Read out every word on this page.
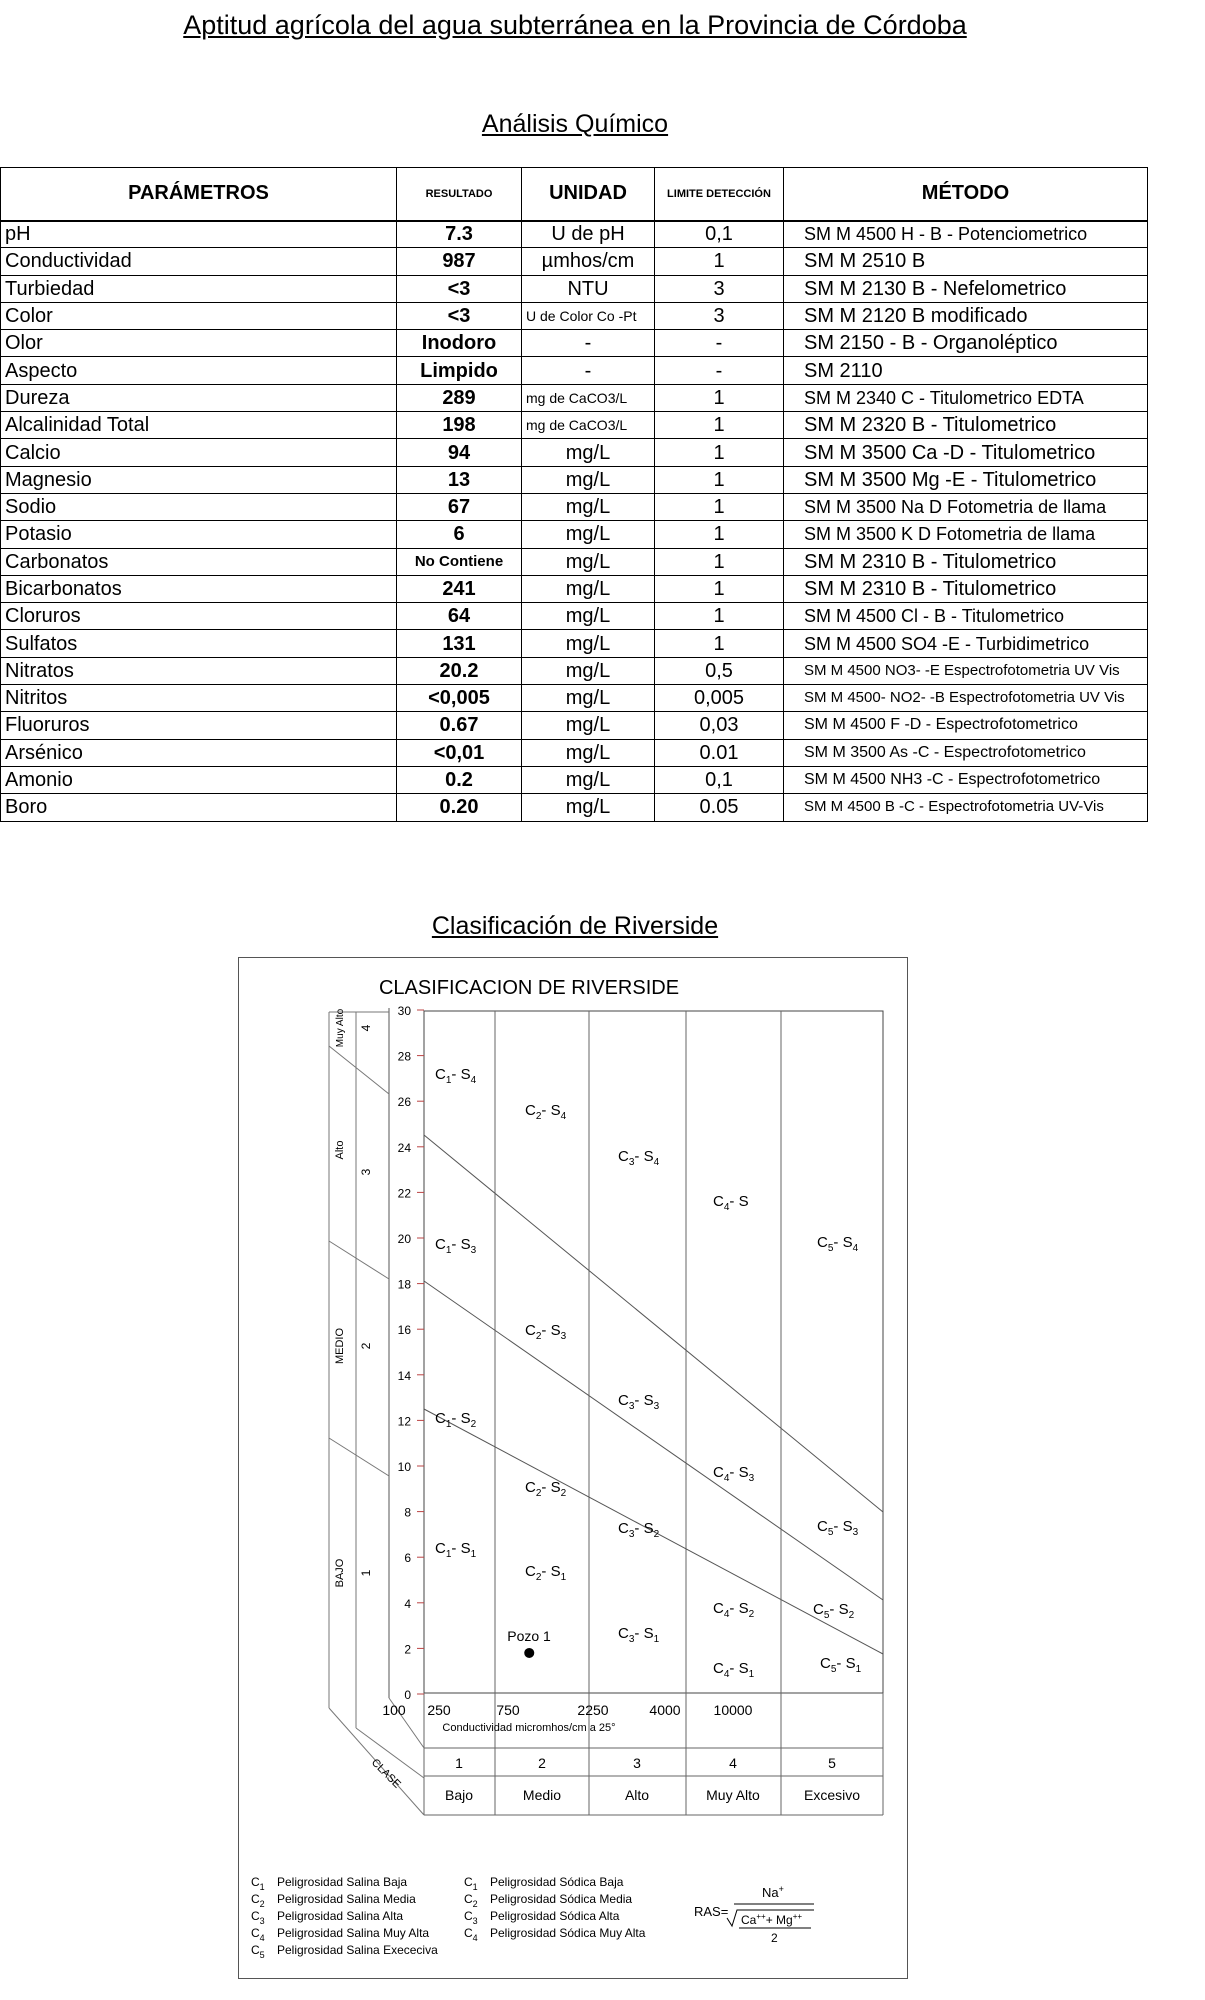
Aptitud agrícola del agua subterránea en la Provincia de Córdoba
Análisis Químico
PARÁMETROS	RESULTADO	UNIDAD	LIMITE DETECCIÓN	MÉTODO
pH	7.3	U de pH	0,1	SM M 4500 H - B - Potenciometrico
Conductividad	987	µmhos/cm	1	SM M 2510 B
Turbiedad	<3	NTU	3	SM M 2130 B - Nefelometrico
Color	<3	U de Color Co -Pt	3	SM M 2120 B modificado
Olor	Inodoro	-	-	SM 2150 - B - Organoléptico
Aspecto	Limpido	-	-	SM 2110
Dureza	289	mg de CaCO3/L	1	SM M 2340 C - Titulometrico EDTA
Alcalinidad Total	198	mg de CaCO3/L	1	SM M 2320 B - Titulometrico
Calcio	94	mg/L	1	SM M 3500 Ca -D - Titulometrico
Magnesio	13	mg/L	1	SM M 3500 Mg -E - Titulometrico
Sodio	67	mg/L	1	SM M 3500 Na D Fotometria de llama
Potasio	6	mg/L	1	SM M 3500 K D Fotometria de llama
Carbonatos	No Contiene	mg/L	1	SM M 2310 B - Titulometrico
Bicarbonatos	241	mg/L	1	SM M 2310 B - Titulometrico
Cloruros	64	mg/L	1	SM M 4500 Cl - B - Titulometrico
Sulfatos	131	mg/L	1	SM M 4500 SO4 -E - Turbidimetrico
Nitratos	20.2	mg/L	0,5	SM M 4500 NO3- -E Espectrofotometria UV Vis
Nitritos	<0,005	mg/L	0,005	SM M 4500- NO2- -B Espectrofotometria UV Vis
Fluoruros	0.67	mg/L	0,03	SM M 4500 F -D - Espectrofotometrico
Arsénico	<0,01	mg/L	0.01	SM M 3500 As -C - Espectrofotometrico
Amonio	0.2	mg/L	0,1	SM M 4500 NH3 -C - Espectrofotometrico
Boro	0.20	mg/L	0.05	SM M 4500 B -C - Espectrofotometria UV-Vis
Clasificación de Riverside
CLASIFICACION DE RIVERSIDE
0
2
4
6
8
10
12
14
16
18
20
22
24
26
28
30
BAJO 1
MEDIO 2
Alto
3
Muy Alto 4
CLASE
100 250	750	2250	4000 10000
Conductividad micromhos/cm a 25°
1	2	3	4	5
Bajo	Medio	Alto	Muy Alto	Excesivo
$C_1-$ $S_4$
$C_2-$ $S_4$
$C_3-$ $S_4$
$C_4-$ S
$C_5-$ $S_4$
$C_1-$ $S_3$
$C_2-$ $S_3$
$C_3-$ $S_3$
$C_4-$ $S_3$
$C_5-$ $S_3$
$C_1-$ $S_2$
$C_2-$ $S_2$
$C_3-$ $S_2$
$C_4-$ $S_2$	$C_5-$ $S_2$
$C_1-$ $S_1$
$C_2-$ $S_1$
$C_3-$ $S_1$
$C_4-$ $S_1$
$C_5-$ $S_1$
Pozo 1
$C_1$ Peligrosidad Salina Baja
$C_2$ Peligrosidad Salina Media
$C_3$ Peligrosidad Salina Alta
$C_4$ Peligrosidad Salina Muy Alta
$C_5$ Peligrosidad Salina Exececiva
$C_1$ Peligrosidad Sódica Baja
$C_2$ Peligrosidad Sódica Media
$C_3$ Peligrosidad Sódica Alta
$C_4$ Peligrosidad Sódica Muy Alta
RAS=
Na+
Ca+++ Mg++
2
